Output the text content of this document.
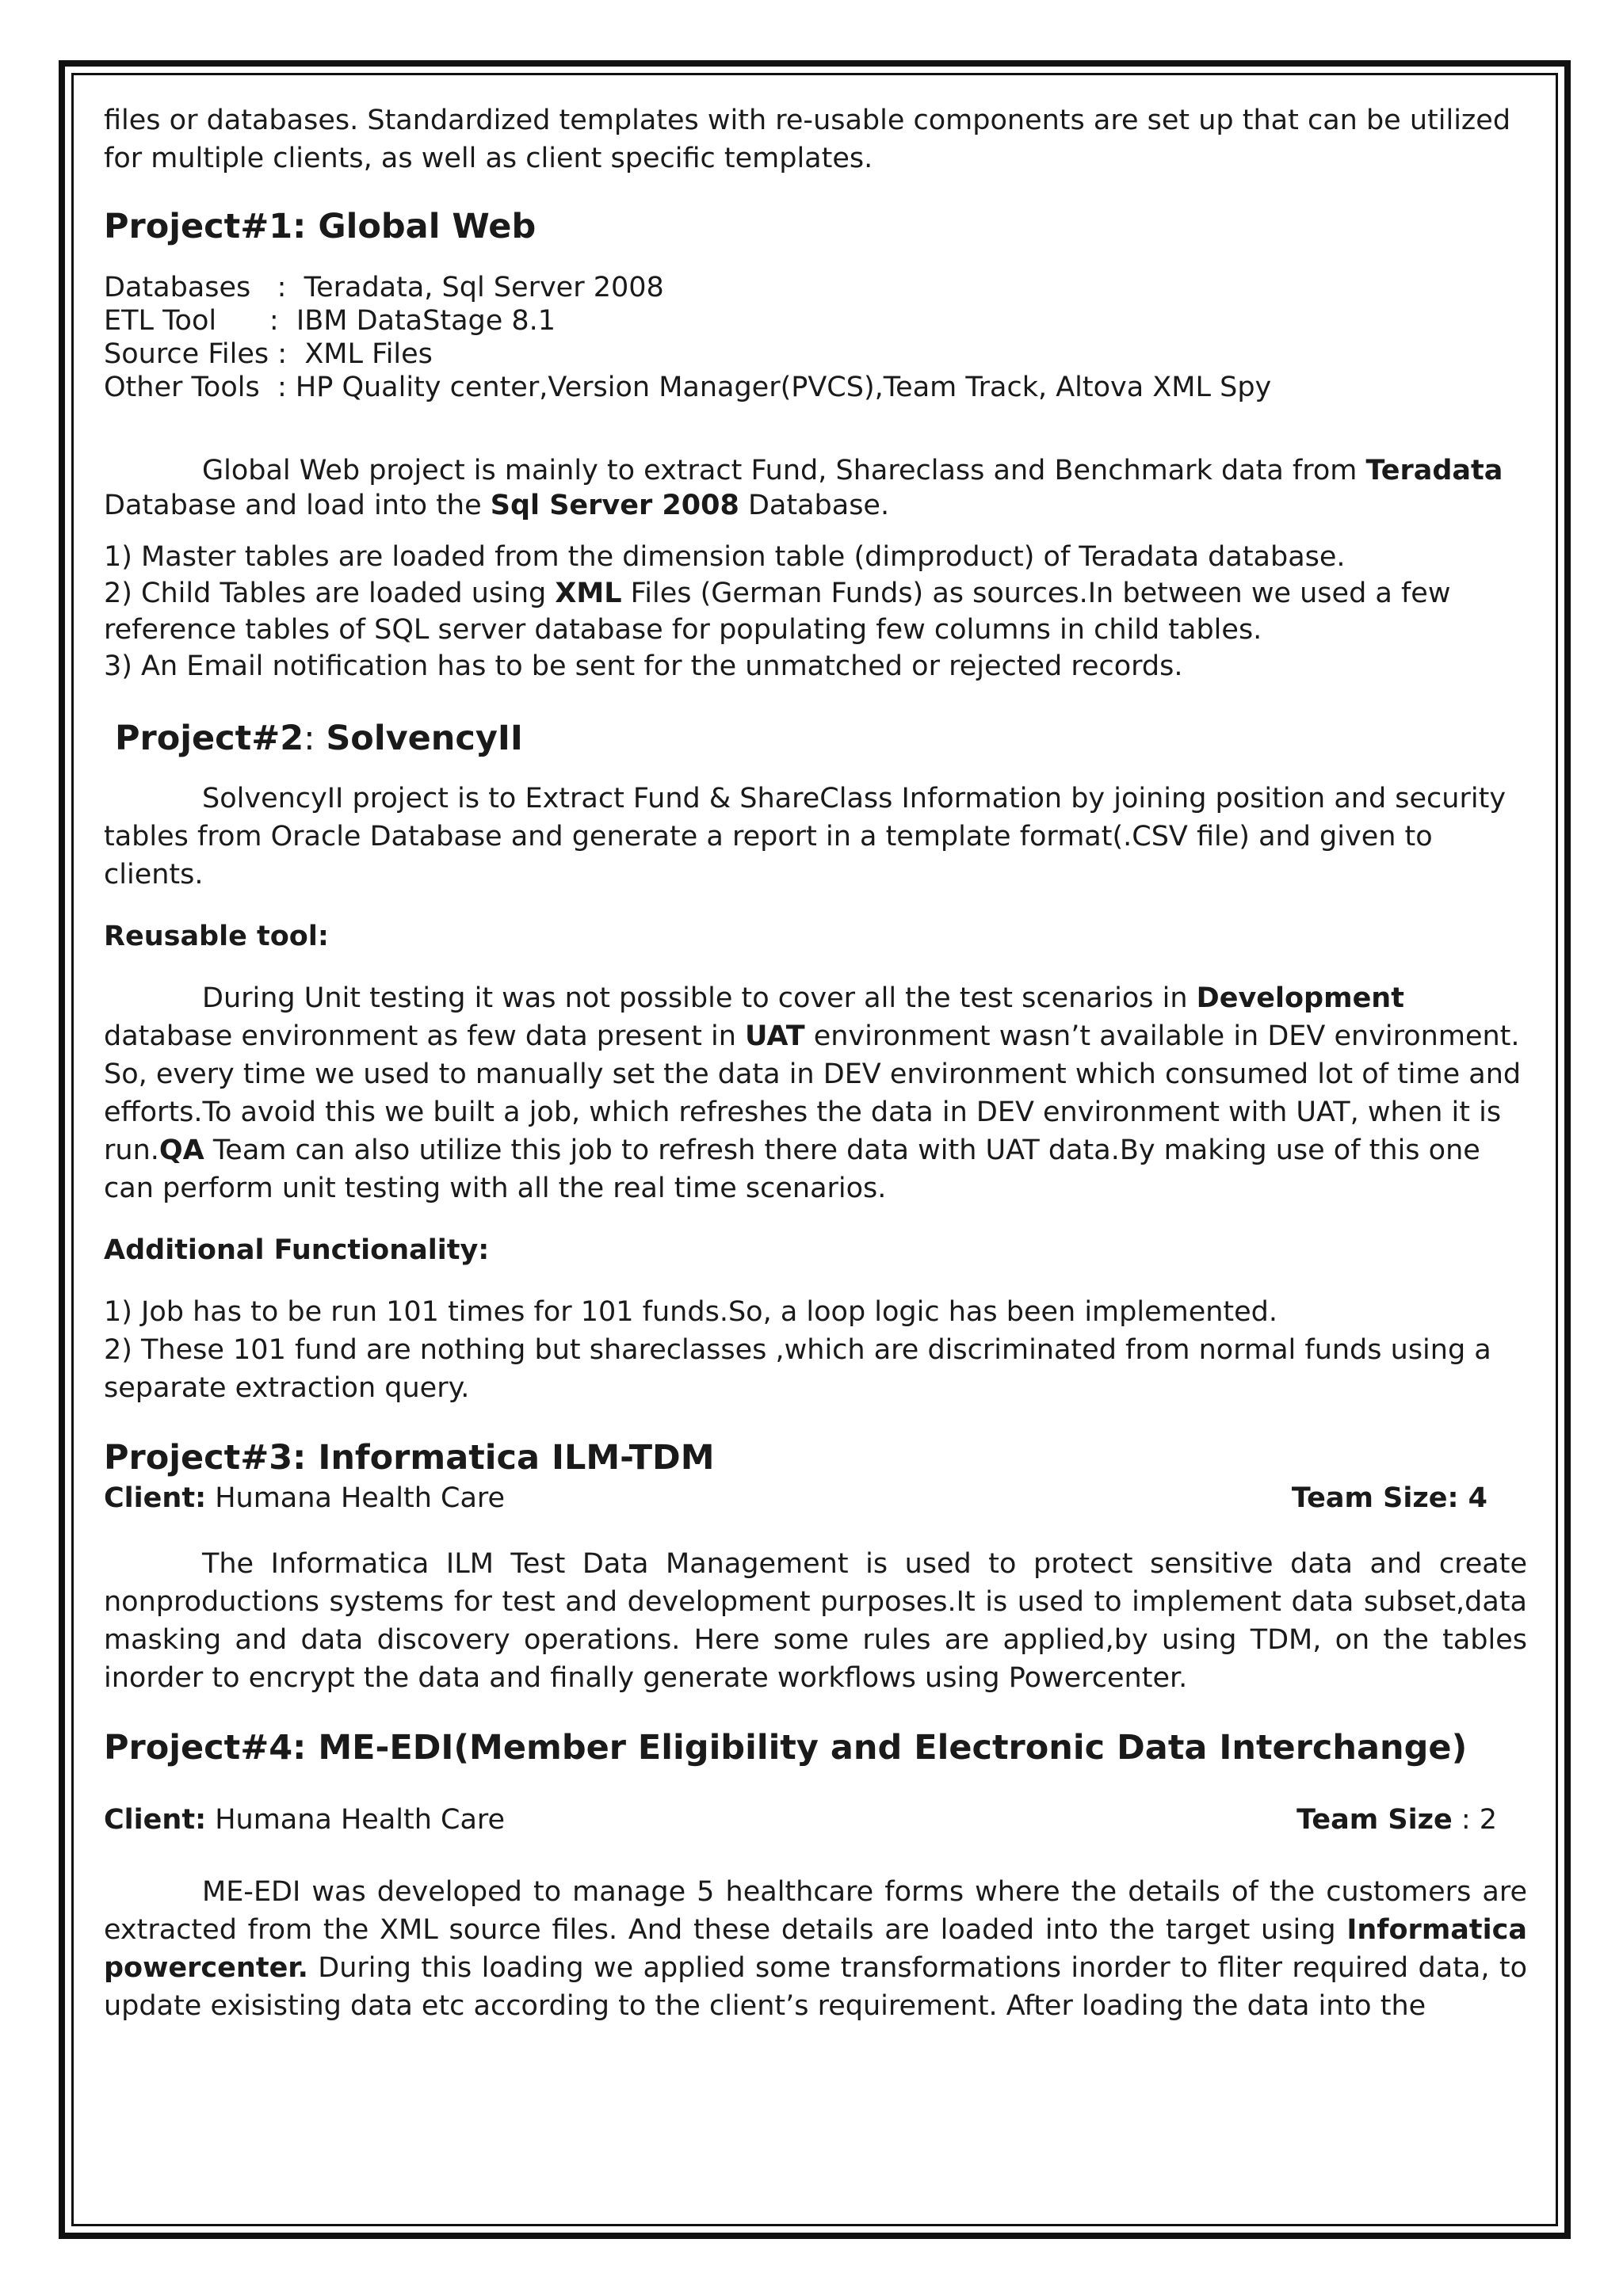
files or databases. Standardized templates with re-usable components are set up that can be utilized

for multiple clients, as well as client specific templates.

Project#1: Global Web
Databases   : Teradata, Sql Server 2008
ETL Tool      : IBM DataStage 8.1
Source Files : XML Files
Other Tools  : HP Quality center,Version Manager(PVCS),Team Track, Altova XML Spy

Global Web project is mainly to extract Fund, Shareclass and Benchmark data from Teradata Database and load into the Sql Server 2008 Database.

1) Master tables are loaded from the dimension table (dimproduct) of Teradata database.

2) Child Tables are loaded using XML Files (German Funds) as sources.In between we used a few

reference tables of SQL server database for populating few columns in child tables.

3) An Email notification has to be sent for the unmatched or rejected records.

Project#2: SolvencyII

SolvencyII project is to Extract Fund & ShareClass Information by joining position and security tables from Oracle Database and generate a report in a template format(.CSV file) and given to clients.

Reusable tool:

During Unit testing it was not possible to cover all the test scenarios in Development database environment as few data present in UAT environment wasn’t available in DEV environment. So, every time we used to manually set the data in DEV environment which consumed lot of time and efforts.To avoid this we built a job, which refreshes the data in DEV environment with UAT, when it is run.QA Team can also utilize this job to refresh there data with UAT data.By making use of this one can perform unit testing with all the real time scenarios.

Additional Functionality:

1) Job has to be run 101 times for 101 funds.So, a loop logic has been implemented.

2) These 101 fund are nothing but shareclasses ,which are discriminated from normal funds using a separate extraction query.

Project#3: Informatica ILM-TDM
Client: Humana Health Care	Team Size: 4

The Informatica ILM Test Data Management is used to protect sensitive data and create nonproductions systems for test and development purposes.It is used to implement data subset,data masking and data discovery operations. Here some rules are applied,by using TDM, on the tables inorder to encrypt the data and finally generate workflows using Powercenter.

Project#4: ME-EDI(Member Eligibility and Electronic Data Interchange)
Client: Humana Health Care	Team Size : 2

ME-EDI was developed to manage 5 healthcare forms where the details of the customers are extracted from the XML source files. And these details are loaded into the target using Informatica powercenter. During this loading we applied some transformations inorder to fliter required data, to update exisisting data etc according to the client’s requirement. After loading the data into the
